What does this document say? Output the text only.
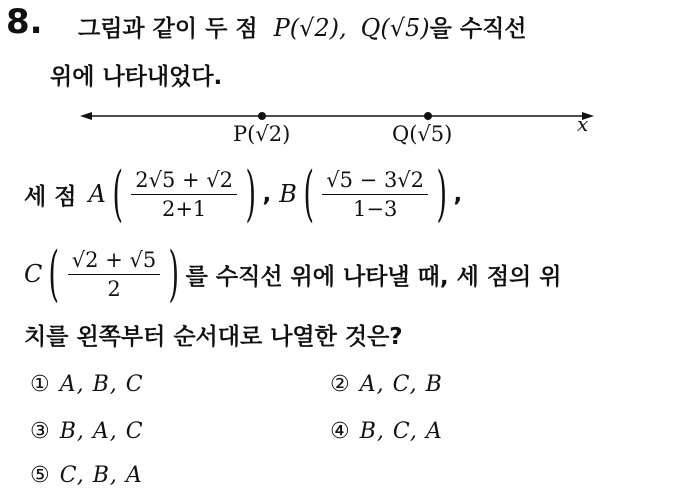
8. 그림과 같이 두 점 P(√2), Q(√5)을 수직선
위에 나타내었다.
P(√2)	Q(√5)	x
세 점 A ( $\frac{2√5 + √2}{2+1}$ ) , B ( $\frac{√5 - 3√2}{1-3}$ ) ,
C ( $\frac{√2 + √5}{2}$ ) 를 수직선 위에 나타낼 때, 세 점의 위
치를 왼쪽부터 순서대로 나열한 것은?
① A, B, C	② A, C, B
③ B, A, C	④ B, C, A
⑤ C, B, A
